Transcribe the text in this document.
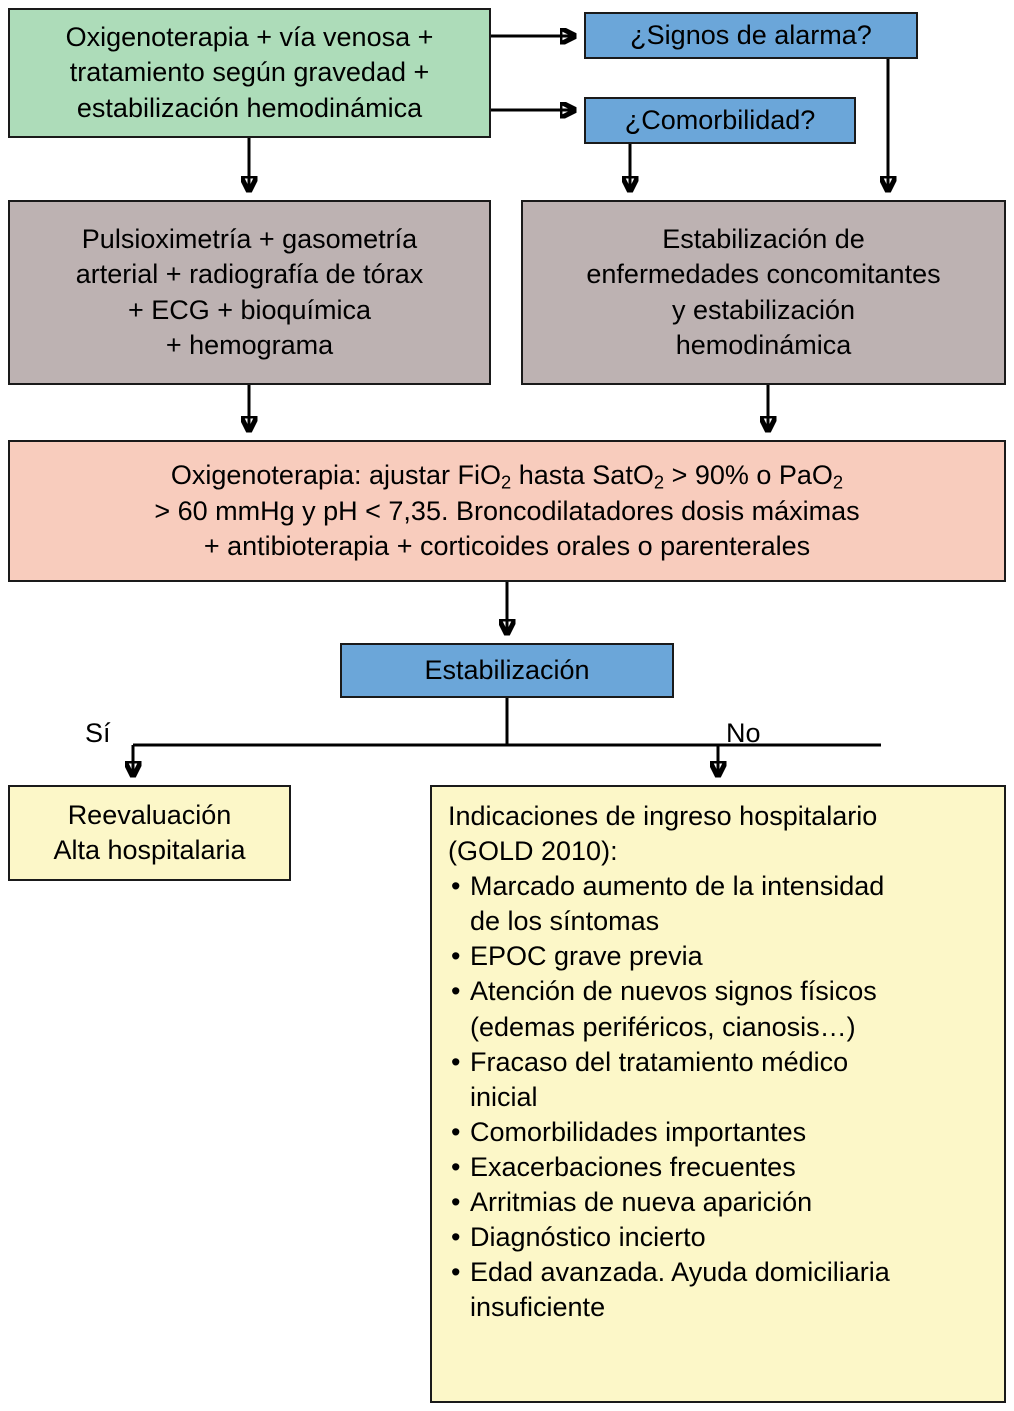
Oxigenoterapia + vía venosa +
tratamiento según gravedad +
estabilización hemodinámica
¿Signos de alarma?
¿Comorbilidad?
Pulsioximetría + gasometría
arterial + radiografía de tórax
+ ECG + bioquímica
+ hemograma
Estabilización de
enfermedades concomitantes
y estabilización
hemodinámica
Oxigenoterapia: ajustar FiO$_2$ hasta SatO$_2$ > 90% o PaO$_2$
> 60 mmHg y pH < 7,35. Broncodilatadores dosis máximas
+ antibioterapia + corticoides orales o parenterales
Estabilización
Sí	No
Reevaluación
Alta hospitalaria
Indicaciones de ingreso hospitalario
(GOLD 2010):
• Marcado aumento de la intensidad
de los síntomas
• EPOC grave previa
• Atención de nuevos signos físicos
(edemas periféricos, cianosis…)
• Fracaso del tratamiento médico
inicial
• Comorbilidades importantes
• Exacerbaciones frecuentes
• Arritmias de nueva aparición
• Diagnóstico incierto
• Edad avanzada. Ayuda domiciliaria
insuficiente
